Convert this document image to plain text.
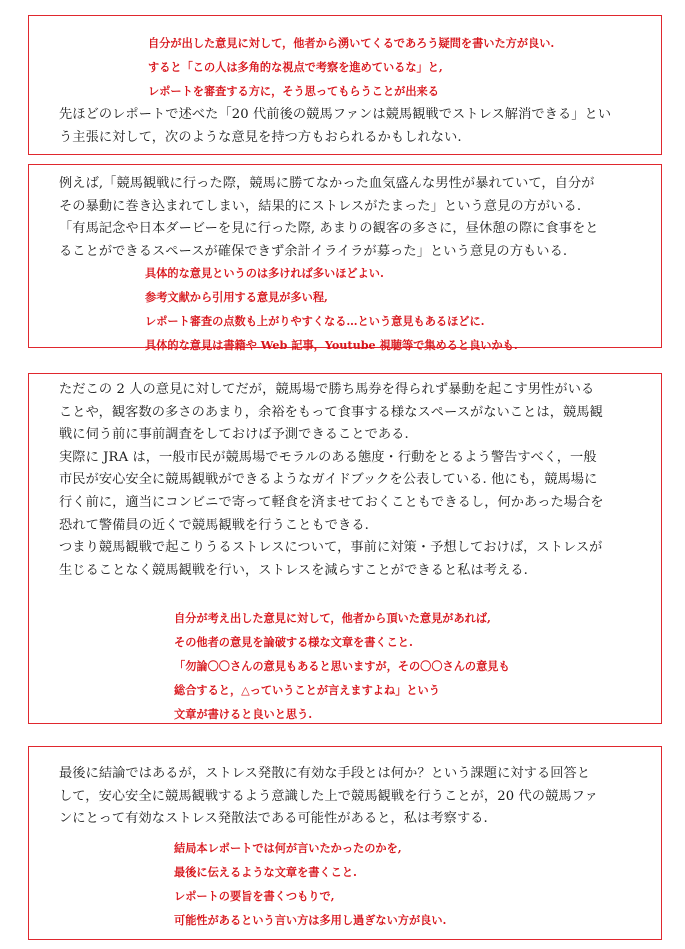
自分が出した意見に対して，他者から湧いてくるであろう疑問を書いた方が良い.
すると「この人は多角的な視点で考察を進めているな」と,
レポートを審査する方に，そう思ってもらうことが出来る
先ほどのレポートで述べた「20 代前後の競馬ファンは競馬観戦でストレス解消できる」とい
う主張に対して，次のような意見を持つ方もおられるかもしれない.
例えば,「競馬観戦に行った際，競馬に勝てなかった血気盛んな男性が暴れていて，自分が
その暴動に巻き込まれてしまい，結果的にストレスがたまった」という意見の方がいる.
「有馬記念や日本ダービーを見に行った際, あまりの観客の多さに，昼休憩の際に食事をと
ることができるスペースが確保できず余計イライラが募った」という意見の方もいる.
具体的な意見というのは多ければ多いほどよい.
参考文献から引用する意見が多い程,
レポート審査の点数も上がりやすくなる…という意見もあるほどに.
具体的な意見は書籍や Web 記事，Youtube 視聴等で集めると良いかも.
ただこの 2 人の意見に対してだが，競馬場で勝ち馬券を得られず暴動を起こす男性がいる
ことや，観客数の多さのあまり，余裕をもって食事する様なスペースがないことは，競馬観
戦に伺う前に事前調査をしておけば予測できることである.
実際に JRA は，一般市民が競馬場でモラルのある態度・行動をとるよう警告すべく，一般
市民が安心安全に競馬観戦ができるようなガイドブックを公表している. 他にも，競馬場に
行く前に，適当にコンビニで寄って軽食を済ませておくこともできるし，何かあった場合を
恐れて警備員の近くで競馬観戦を行うこともできる.
つまり競馬観戦で起こりうるストレスについて，事前に対策・予想しておけば，ストレスが
生じることなく競馬観戦を行い，ストレスを減らすことができると私は考える.
自分が考え出した意見に対して，他者から頂いた意見があれば,
その他者の意見を論破する様な文章を書くこと.
「勿論〇〇さんの意見もあると思いますが，その〇〇さんの意見も
総合すると，△っていうことが言えますよね」という
文章が書けると良いと思う.
最後に結論ではあるが，ストレス発散に有効な手段とは何か？という課題に対する回答と
して，安心安全に競馬観戦するよう意識した上で競馬観戦を行うことが，20 代の競馬ファ
ンにとって有効なストレス発散法である可能性があると，私は考察する.
結局本レポートでは何が言いたかったのかを,
最後に伝えるような文章を書くこと.
レポートの要旨を書くつもりで,
可能性があるという言い方は多用し過ぎない方が良い.
